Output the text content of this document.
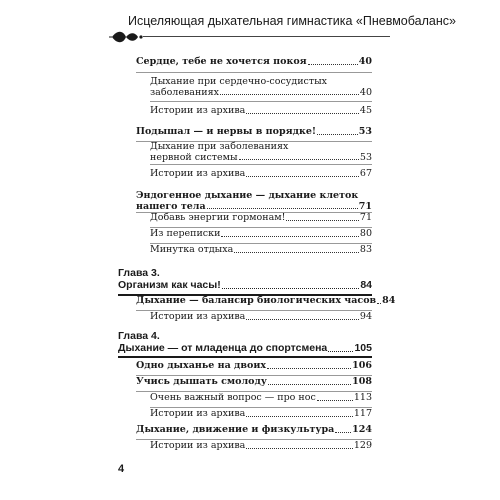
Исцеляющая дыхательная гимнастика «Пневмобаланс»
Сердце, тебе не хочется покоя	40
Дыхание при сердечно-сосудистых
заболеваниях	40
Истории из архива	45
Подышал — и нервы в порядке!	53
Дыхание при заболеваниях
нервной системы	53
Истории из архива	67
Эндогенное дыхание — дыхание клеток
нашего тела	71
Добавь энергии гормонам!	71
Из переписки	80
Минутка отдыха	83
Глава 3.
Организм как часы!	84
Дыхание — балансир биологических часов 84
Истории из архива	94
Глава 4.
Дыхание — от младенца до спортсмена	105
Одно дыханье на двоих	106
Учись дышать смолоду	108
Очень важный вопрос — про нос	113
Истории из архива	117
Дыхание, движение и физкультура 124
Истории из архива	129
4
